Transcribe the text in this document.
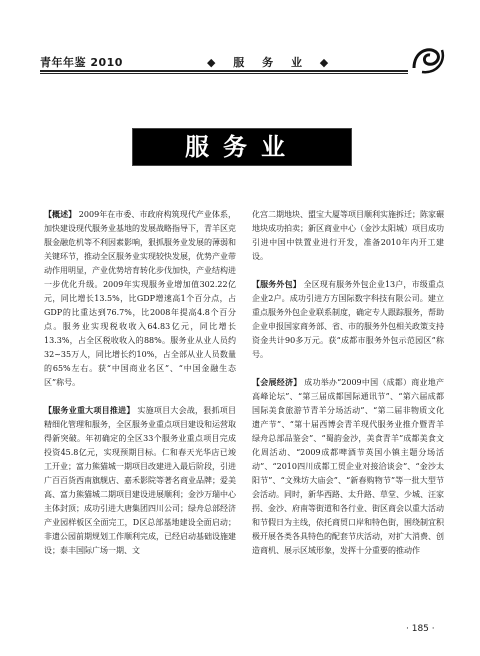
青年年鉴 2010	◆ 服 务 业 ◆
服务业

【概述】 2009年在市委、市政府构筑现代产业体系，加快建设现代服务业基地的发展战略指导下，青羊区克服金融危机等不利因素影响，狠抓服务业发展的薄弱和关键环节，推动全区服务业实现较快发展，优势产业带动作用明显，产业优势培育转化步伐加快，产业结构进一步优化升级。2009年实现服务业增加值302.22亿元，同比增长13.5%，比GDP增速高1个百分点，占GDP的比重达到76.7%，比2008年提高4.8个百分点。服务业实现税收收入64.83亿元，同比增长13.3%，占全区税收收入的88%。服务业从业人员约32~35万人，同比增长约10%，占全部从业人员数量的65%左右。获“中国商业名区”、“中国金融生态区”称号。

【服务业重大项目推进】 实施项目大会战，狠抓项目精细化管理和服务，全区服务业重点项目建设和运营取得新突破。年初确定的全区33个服务业重点项目完成投资45.8亿元，实现预期目标。仁和春天光华店已竣工开业；富力熊猫城一期项目改建进入最后阶段，引进广百百货西南旗舰店、嘉禾影院等著名商业品牌；爱美高、富力熊猫城二期项目建设进展顺利；金沙万瑞中心主体封顶；成功引进大唐集团四川公司；绿舟总部经济产业园样板区全面完工，D区总部基地建设全面启动；非遗公园前期规划工作顺利完成，已经启动基础设施建设；泰丰国际广场一期、文

化宫二期地块、盟宝大厦等项目顺利实施拆迁；陈家碾地块成功拍卖；新区商业中心（金沙太阳城）项目成功引进中国中铁置业进行开发，准备2010年内开工建设。

【服务外包】 全区现有服务外包企业13户，市级重点企业2户。成功引进方方国际数字科技有限公司。建立重点服务外包企业联系制度，确定专人跟踪服务，帮助企业申报国家商务部、省、市的服务外包相关政策支持资金共计90多万元。获“成都市服务外包示范园区”称号。

【会展经济】 成功举办“2009中国（成都）商业地产高峰论坛”、“第三届成都国际通讯节”、“第六届成都国际美食旅游节青羊分场活动”、“第二届非物质文化遗产节”、“第十届西博会青羊现代服务业推介暨青羊绿舟总部品鉴会”、“蜀韵金沙，美食青羊”成都美食文化周活动、“2009成都啤酒节英国小镇主题分场活动”、“2010四川成都工贸企业对接洽谈会”、“金沙太阳节”、“文殊坊大庙会”、“新春购物节”等一批大型节会活动。同时，新华西路、太升路、草堂、少城、汪家拐、金沙、府南等街道和各行业、街区商会以重大活动和节假日为主线，依托商贸口岸和特色街，围绕制宜积极开展各类各具特色的配套节庆活动，对扩大消费、创造商机、展示区域形象，发挥十分重要的推动作

· 185 ·
